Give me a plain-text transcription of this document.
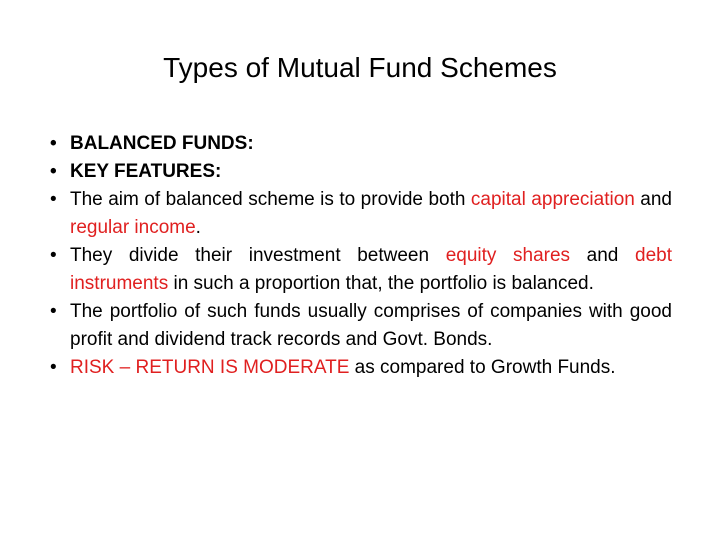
Types of Mutual Fund Schemes
• BALANCED FUNDS:
• KEY FEATURES:
• The aim of balanced scheme is to provide both capital appreciation and regular income.
• They divide their investment between equity shares and debt instruments in such a proportion that, the portfolio is balanced.
• The portfolio of such funds usually comprises of companies with good profit and dividend track records and Govt. Bonds.
• RISK – RETURN IS MODERATE as compared to Growth Funds.
